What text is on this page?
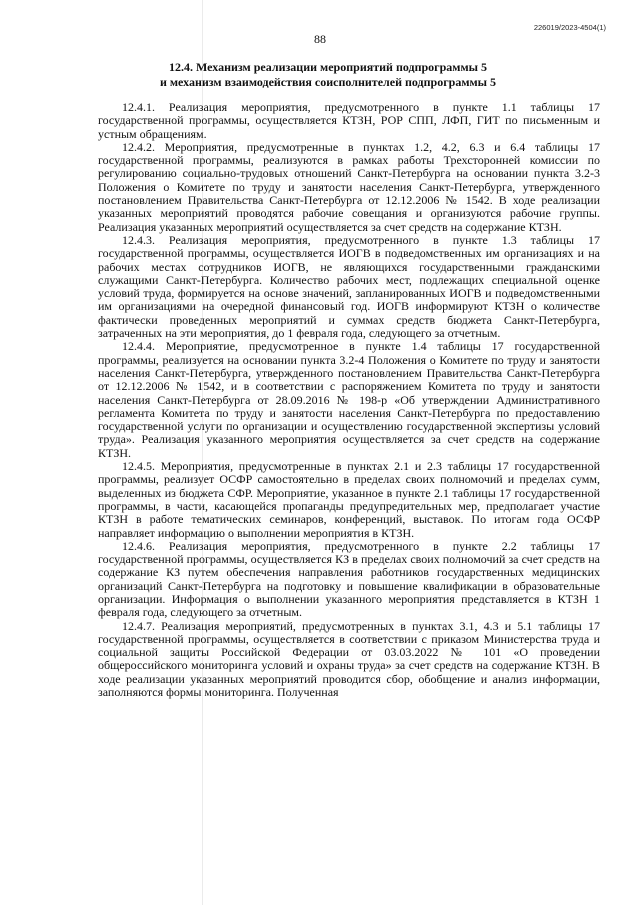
226019/2023-4504(1)
88
12.4. Механизм реализации мероприятий подпрограммы 5
и механизм взаимодействия соисполнителей подпрограммы 5

12.4.1. Реализация мероприятия, предусмотренного в пункте 1.1 таблицы 17 государственной программы, осуществляется КТЗН, РОР СПП, ЛФП, ГИТ по письменным и устным обращениям.

12.4.2. Мероприятия, предусмотренные в пунктах 1.2, 4.2, 6.3 и 6.4 таблицы 17 государственной программы, реализуются в рамках работы Трехсторонней комиссии по регулированию социально-трудовых отношений Санкт-Петербурга на основании пункта 3.2-3 Положения о Комитете по труду и занятости населения Санкт-Петербурга, утвержденного постановлением Правительства Санкт-Петербурга от 12.12.2006 № 1542. В ходе реализации указанных мероприятий проводятся рабочие совещания и организуются рабочие группы. Реализация указанных мероприятий осуществляется за счет средств на содержание КТЗН.

12.4.3. Реализация мероприятия, предусмотренного в пункте 1.3 таблицы 17 государственной программы, осуществляется ИОГВ в подведомственных им организациях и на рабочих местах сотрудников ИОГВ, не являющихся государственными гражданскими служащими Санкт-Петербурга. Количество рабочих мест, подлежащих специальной оценке условий труда, формируется на основе значений, запланированных ИОГВ и подведомственными им организациями на очередной финансовый год. ИОГВ информируют КТЗН о количестве фактически проведенных мероприятий и суммах средств бюджета Санкт-Петербурга, затраченных на эти мероприятия, до 1 февраля года, следующего за отчетным.

12.4.4. Мероприятие, предусмотренное в пункте 1.4 таблицы 17 государственной программы, реализуется на основании пункта 3.2-4 Положения о Комитете по труду и занятости населения Санкт-Петербурга, утвержденного постановлением Правительства Санкт-Петербурга от 12.12.2006 № 1542, и в соответствии с распоряжением Комитета по труду и занятости населения Санкт-Петербурга от 28.09.2016 № 198-р «Об утверждении Административного регламента Комитета по труду и занятости населения Санкт-Петербурга по предоставлению государственной услуги по организации и осуществлению государственной экспертизы условий труда». Реализация указанного мероприятия осуществляется за счет средств на содержание КТЗН.

12.4.5. Мероприятия, предусмотренные в пунктах 2.1 и 2.3 таблицы 17 государственной программы, реализует ОСФР самостоятельно в пределах своих полномочий и пределах сумм, выделенных из бюджета СФР. Мероприятие, указанное в пункте 2.1 таблицы 17 государственной программы, в части, касающейся пропаганды предупредительных мер, предполагает участие КТЗН в работе тематических семинаров, конференций, выставок. По итогам года ОСФР направляет информацию о выполнении мероприятия в КТЗН.

12.4.6. Реализация мероприятия, предусмотренного в пункте 2.2 таблицы 17 государственной программы, осуществляется КЗ в пределах своих полномочий за счет средств на содержание КЗ путем обеспечения направления работников государственных медицинских организаций Санкт-Петербурга на подготовку и повышение квалификации в образовательные организации. Информация о выполнении указанного мероприятия представляется в КТЗН 1 февраля года, следующего за отчетным.

12.4.7. Реализация мероприятий, предусмотренных в пунктах 3.1, 4.3 и 5.1 таблицы 17 государственной программы, осуществляется в соответствии с приказом Министерства труда и социальной защиты Российской Федерации от 03.03.2022 № 101 «О проведении общероссийского мониторинга условий и охраны труда» за счет средств на содержание КТЗН. В ходе реализации указанных мероприятий проводится сбор, обобщение и анализ информации, заполняются формы мониторинга. Полученная
